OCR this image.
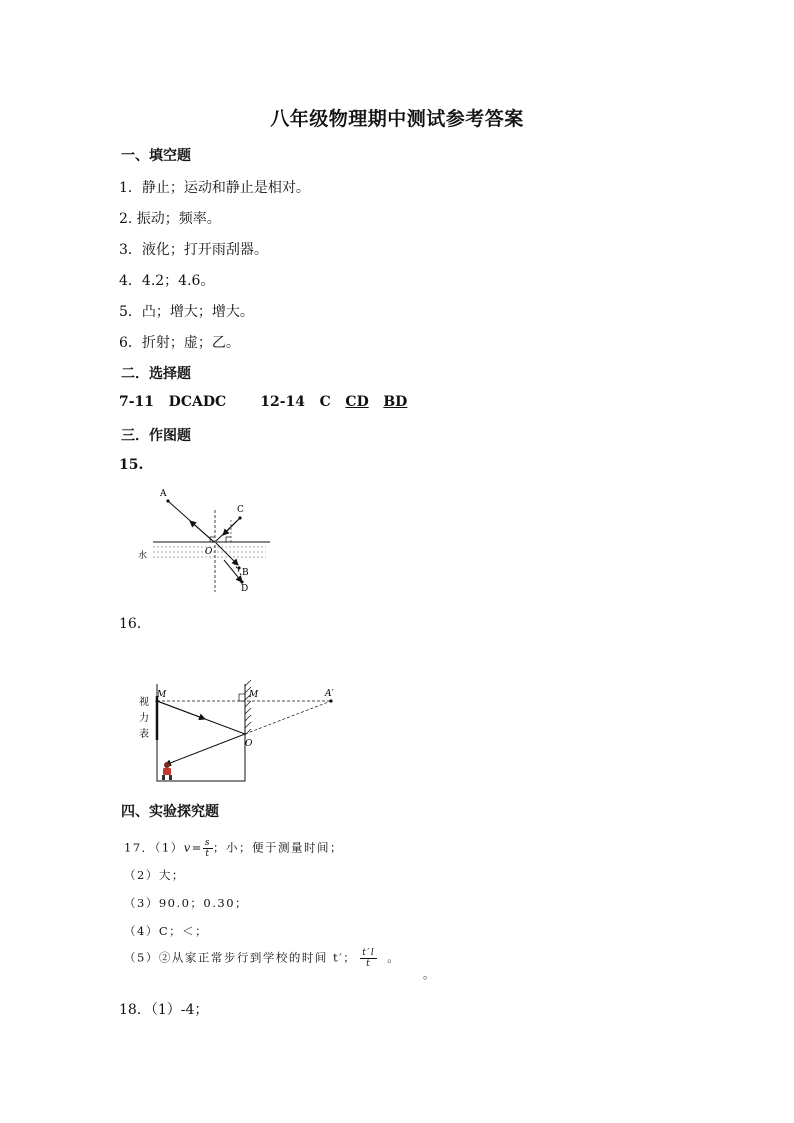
八年级物理期中测试参考答案
一、填空题
1．静止；运动和静止是相对。
2. 振动；频率。
3．液化；打开雨刮器。
4．4.2；4.6。
5．凸；增大；增大。
6．折射；虚；乙。
二．选择题
7-11 DCADC 12-14 C CD BD
三．作图题
15.
A
C
O
B
D
水
16．
M	M	A′
O
视
力
表
四、实验探究题
17．$(1)v= \frac{s}{t}$ ；小；便于测量时间；
（2）大；
（3）90.0；0.30；
（4）C；＜；
（5）②从家正常步行到学校的时间 t′； $\frac{t'l}{t}$ 。
。
18．（1）-4；
